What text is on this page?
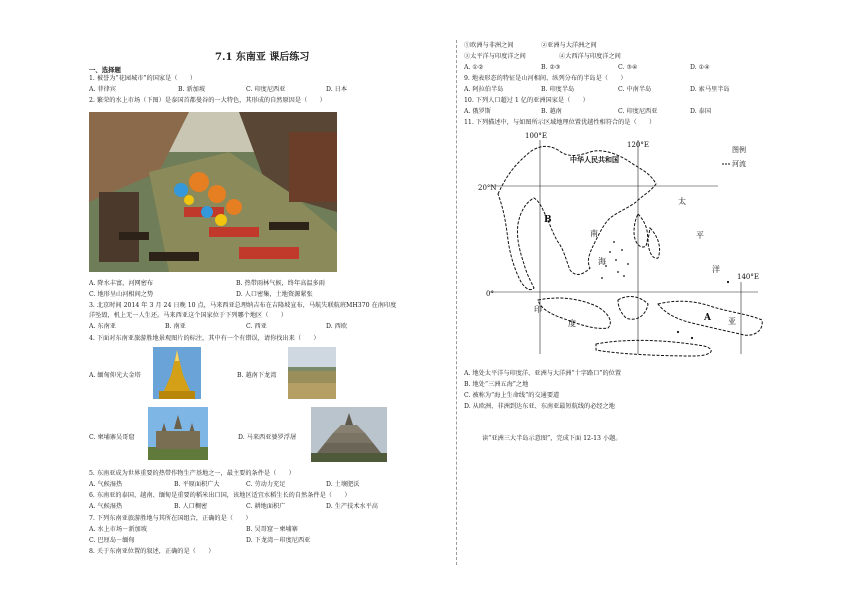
7.1 东南亚 课后练习
一、选择题
1. 被誉为“花园城市”的国家是（　　）
A. 菲律宾	B. 新加坡	C. 印度尼西亚	D. 日本
2. 繁荣的水上市场（下图）是泰国首都曼谷的一大特色，其形成的自然原因是（　　）
A. 降水丰富，河网密布	B. 热带雨林气候，终年高温多雨
C. 地形呈山河相间之势	D. 人口密集，土地资源紧张
3. 北京时间 2014 年 3 月 24 日晚 10 点，马来西亚总理纳吉布在吉隆坡宣布，马航失联航班MH370 在南印度
洋坠毁，机上无一人生还。马来西亚这个国家位于下列哪个地区（　　）
A. 东南亚	B. 南亚	C. 西亚	D. 西欧
4. 下面对东南亚旅游胜地景观图片的标注，其中有一个有错误，请你找出来（　　）
A. 缅甸仰光大金塔	B. 越南下龙湾
C. 柬埔寨吴哥窟	D. 马来西亚婆罗浮屠
5. 东南亚成为世界重要的热带作物生产基地之一，最主要的条件是（　　）
A. 气候湿热	B. 平原面积广大	C. 劳动力充足	D. 土壤肥沃
6. 东南亚的泰国、越南、缅甸是重要的稻米出口国，该地区适宜水稻生长的自然条件是（　　）
A. 气候湿热	B. 人口稠密	C. 耕地面积广	D. 生产技术水平高
7. 下列东南亚旅游胜地与其所在国组合，正确的是（　　）
A. 水上市场－新加坡	B. 吴哥窟－柬埔寨
C. 巴厘岛－缅甸	D. 下龙湾－印度尼西亚
8. 关于东南亚位置的叙述，正确的是（　　）
①欧洲与非洲之间	②亚洲与大洋洲之间
③太平洋与印度洋之间	④大西洋与印度洋之间
A. ①②	B. ②③	C. ③④	D. ①④
9. 地表形态的特征是山河相间、纵列分布的半岛是（　　）
A. 阿拉伯半岛	B. 印度半岛	C. 中南半岛	D. 索马里半岛
10. 下列人口超过 1 亿的亚洲国家是（　　）
A. 俄罗斯	B. 越南	C. 印度尼西亚	D. 泰国
11. 下列描述中，与如图所示区域地理位置优越性相符合的是（　　）
100°E
120°E
140°E
20°N
0°
中华人民共和国
图例
河流
太
平
洋
B
南
海
印
度	亚
A
A. 地处太平洋与印度洋、亚洲与大洋洲“十字路口”的位置
B. 地处“三洲五海”之地
C. 被称为“海上生命线”的交通要道
D. 从欧洲、非洲到达东亚、东南亚最短航线的必经之地
读“亚洲三大半岛示意图”，完成下面 12-13 小题。
